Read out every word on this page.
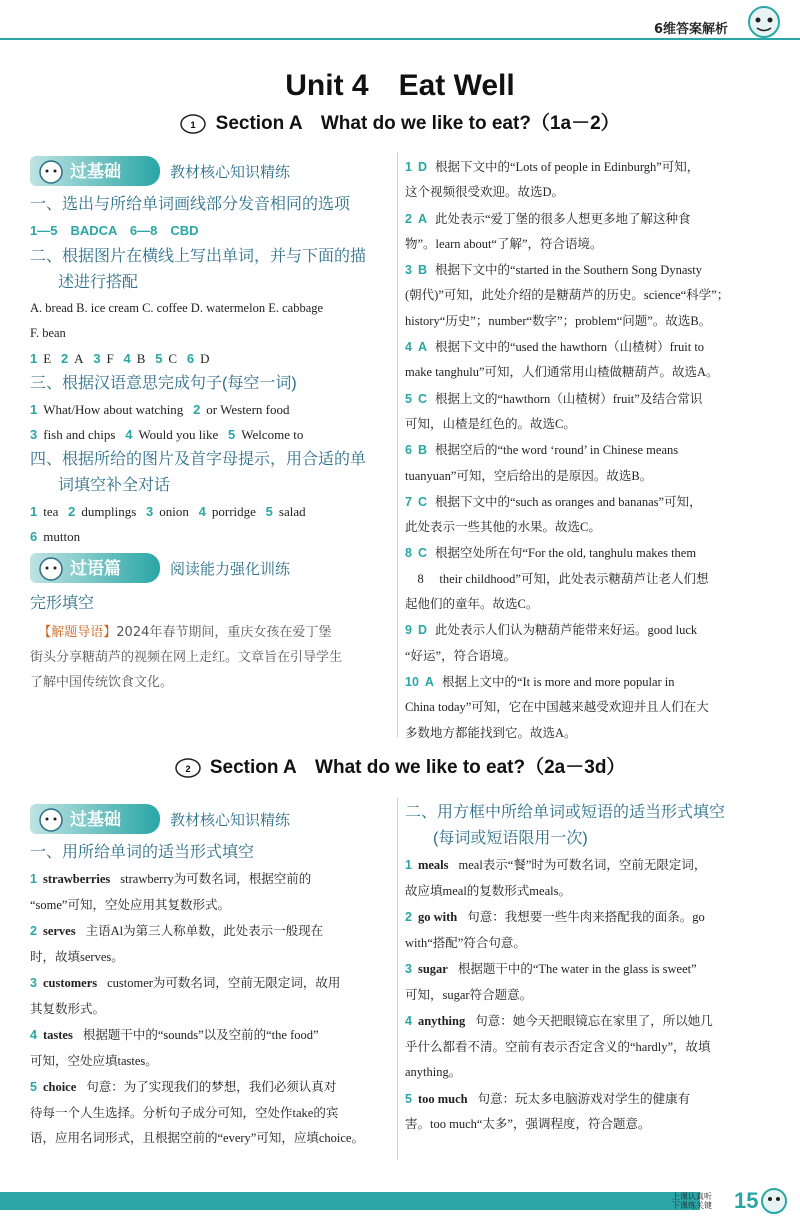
6维答案解析
Unit 4　Eat Well
1 Section A　What do we like to eat?（1a－2）
过基础	教材核心知识精练
一、选出与所给单词画线部分发音相同的选项
1—5　BADCA　6—8　CBD
二、根据图片在横线上写出单词，并与下面的描
述进行搭配
A. bread B. ice cream C. coffee D. watermelon E. cabbage
F. bean
1 E 2 A 3 F 4 B 5 C 6 D
三、根据汉语意思完成句子(每空一词)
1 What/How about watching 2 or Western food
3 fish and chips 4 Would you like 5 Welcome to
四、根据所给的图片及首字母提示，用合适的单
词填空补全对话
1 tea 2 dumplings 3 onion 4 porridge 5 salad
6 mutton
过语篇	阅读能力强化训练
完形填空
【解题导语】2024年春节期间，重庆女孩在爱丁堡
街头分享糖葫芦的视频在网上走红。文章旨在引导学生
了解中国传统饮食文化。
1 D 根据下文中的“Lots of people in Edinburgh”可知，
这个视频很受欢迎。故选D。
2 A 此处表示“爱丁堡的很多人想更多地了解这种食
物”。learn about“了解”，符合语境。
3 B 根据下文中的“started in the Southern Song Dynasty
(朝代)”可知，此处介绍的是糖葫芦的历史。science“科学”；
history“历史”；number“数字”；problem“问题”。故选B。
4 A 根据下文中的“used the hawthorn（山楂树）fruit to
make tanghulu”可知，人们通常用山楂做糖葫芦。故选A。
5 C 根据上文的“hawthorn（山楂树）fruit”及结合常识
可知，山楂是红色的。故选C。
6 B 根据空后的“the word ‘round’ in Chinese means
tuanyuan”可知，空后给出的是原因。故选B。
7 C 根据下文中的“such as oranges and bananas”可知，
此处表示一些其他的水果。故选C。
8 C 根据空处所在句“For the old, tanghulu makes them
　8　 their childhood”可知，此处表示糖葫芦让老人们想
起他们的童年。故选C。
9 D 此处表示人们认为糖葫芦能带来好运。good luck
“好运”，符合语境。
10 A 根据上文中的“It is more and more popular in
China today”可知，它在中国越来越受欢迎并且人们在大
多数地方都能找到它。故选A。
2 Section A　What do we like to eat?（2a－3d）
过基础	教材核心知识精练
一、用所给单词的适当形式填空
1 strawberries strawberry为可数名词，根据空前的
“some”可知，空处应用其复数形式。
2 serves 主语Al为第三人称单数，此处表示一般现在
时，故填serves。
3 customers customer为可数名词，空前无限定词，故用
其复数形式。
4 tastes 根据题干中的“sounds”以及空前的“the food”
可知，空处应填tastes。
5 choice 句意：为了实现我们的梦想，我们必须认真对
待每一个人生选择。分析句子成分可知，空处作take的宾
语，应用名词形式，且根据空前的“every”可知，应填choice。
二、用方框中所给单词或短语的适当形式填空
(每词或短语限用一次)
1 meals meal表示“餐”时为可数名词，空前无限定词，
故应填meal的复数形式meals。
2 go with 句意：我想要一些牛肉来搭配我的面条。go
with“搭配”符合句意。
3 sugar 根据题干中的“The water in the glass is sweet”
可知，sugar符合题意。
4 anything 句意：她今天把眼镜忘在家里了，所以她几
乎什么都看不清。空前有表示否定含义的“hardly”，故填
anything。
5 too much 句意：玩太多电脑游戏对学生的健康有
害。too much“太多”，强调程度，符合题意。
上课认真听
下课练关键	15
